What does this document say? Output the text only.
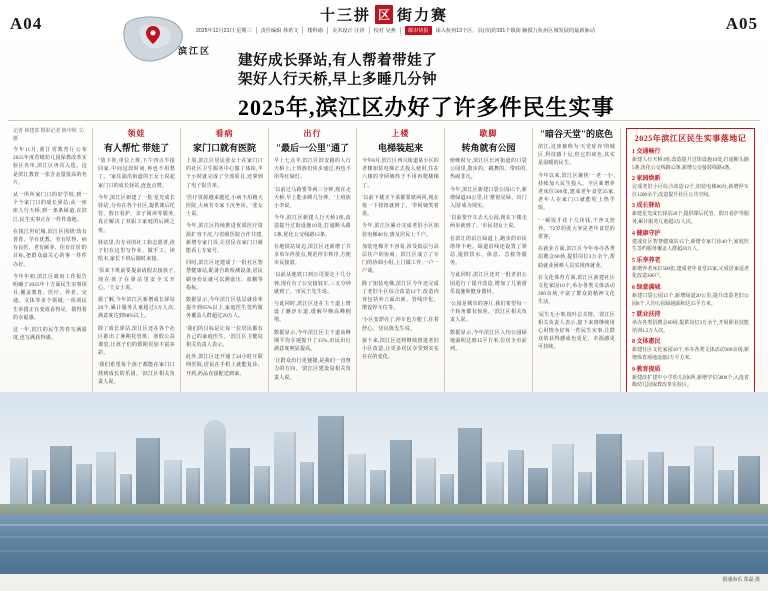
A04	A05
十三拼 区 街力赛
2025年12月31日 星期三	责任编辑 林希文	楼科瑜	美术设计 汪涛	校对 吴燕	都市快报	深入杭州13个区、县(市)的191个镇街 触摸九杭州区城发展的最新脉动
滨江区
建好成长驿站,有人帮着带娃了
架好人行天桥,早上多睡几分钟
2025年,滨江区办好了许多件民生实事
记者 林建雀 摄影记者 陈中秋 文/摄

今年11月,浙江省教育厅公布2025年度省级幼儿园保教改革实验区名单,滨江区再次入选。这是滨江教育一张含金量很高的名片。

从一所所家门口的好学校,到一个个家门口的成长驿站;从一座座人行天桥,到一条条绿道,在滨江,民生实事正在一件件落地。

在钱江世纪城,滨江区围绕'幼有善育、学有优教、劳有厚得、病有良医、老有颐养、住有宜居'的目标,把群众最关心的事一件件办好。

今年年初,滨江区政府工作报告明确了2025年十方面民生实事项目,覆盖教育、医疗、养老、交通、文体等多个领域,一项项民生举措正在变成看得见、摸得着的幸福感。

这一年,滨江的民生答卷写满温度,也写满获得感。

领娃
有人帮忙 带娃了

"放下娃,单位上班,下午四点半接回家,中间这段时间,再也不用愁了。"家住浦沿街道的王女士说起家门口的成长驿站,连连点赞。

今年,滨江区新建了一批'星光成长驿站',分布在各个社区,提供课后托管、假日看护、亲子阅读等服务,真正解决了双职工家庭的后顾之忧。

驿站里,有专业的社工和志愿者,孩子们在这里写作业、做手工、读绘本,家长下班后随时来接。

'原来下班前要提前请假去接孩子,现在孩子在驿站里安全又开心。'王女士说。

据了解,今年滨江区新增成长驿站20个,累计服务儿童超过3万人次,满意度达到98%以上。

除了成长驿站,滨江区还在各个社区推出了暑期托管班、寒假公益课堂,让孩子们的假期更加丰富多彩。

'我们希望每个孩子都能在家门口找到成长的乐园。'滨江区相关负责人说。

看病
家门口就有医院

上周,滨江区居民张女士在家门口的社区卫生服务中心做了体检,半个小时就完成了全部项目,还拿到了电子报告单。

'医疗资源越来越近,小病不用跑大医院,大病有专家下沉坐诊。'张女士说。

今年,滨江区持续推进优质医疗资源扩容下沉,与省级医院合作共建,新增专家门诊,让居民在家门口就能看上专家号。

同时,滨江区还建成了一批社区智慧健康站,配备自助检测设备,居民刷身份证就可以测血压、血糖等指标。

数据显示,今年滨江区基层就诊率提升到65%以上,家庭医生签约服务覆盖人群超过20万人。

'我们的目标是让每一位居民都有自己的家庭医生。'滨江区卫健局相关负责人表示。

此外,滨江区还开通了24小时互联网医院,居民在手机上就能复诊、开药,药品直接配送到家。

出行
"最后一公里"通了

早上七点半,滨江区滨安路的人行天桥上,上班族们快步通过,再也不用等红绿灯。

'以前过马路要等两三分钟,现在走天桥,早上能多睡几分钟。'上班族小李说。

今年,滨江区新建人行天桥3座,改造提升过街设施10处,打通断头路5条,优化公交线路12条。

在地铁站周边,滨江区还新增了共享单车停放点,规范停车秩序,方便市民接驳。

'以前从地铁口到公司要走十几分钟,现在有了公交接驳车,三五分钟就到了。'市民王先生说。

与此同时,滨江区还在主干道上增设了潮汐车道,缓解早晚高峰拥堵。

数据显示,今年滨江区主干道高峰期平均车速提升了15%,市民出行满意度明显提高。

'让群众出行更便捷,是我们一直努力的方向。'滨江区建设局相关负责人说。

上楼
电梯装起来

今年8月,滨江区西兴街道某小区的老楼加装电梯正式投入使用,住在六楼的李阿姨终于不用再爬楼梯了。

'以前下楼买个菜都要歇两回,现在按一下按钮就到了。'李阿姨笑着说。

今年,滨江区累计完成老旧小区加装电梯86台,惠及居民上千户。

加装电梯并不容易,涉及低层与高层住户的协商。滨江区成立了专门的协调小组,上门做工作,一户一户谈。

除了加装电梯,滨江区今年还完成了老旧小区综合改造12个,改造内容包括外立面出新、管线序化、增设停车位等。

'小区变漂亮了,停车也方便了,住着舒心。'居民陈先生说。

接下来,滨江区还将继续推进老旧小区改造,让更多居民享受到实实在在的变化。

歇脚
转角就有公园

傍晚时分,滨江区长河街道的口袋公园里,散步的、跳舞的、带娃的,热闹非凡。

今年,滨江区新建口袋公园15个,新增绿道20公里,让'推窗见绿、出门入园'成为现实。

'以前要开车去大公园,现在下楼走两步就到了。'市民刘女士说。

在滨江的沿江绿道上,跑步的市民络绎不绝。绿道沿线还设置了驿站,提供饮水、休息、急救等服务。

与此同时,滨江区还对一批老旧公园进行了提升改造,增加了儿童游乐设施和健身器材。

'公园是城市的客厅,我们希望每一个转角都有惊喜。'滨江区相关负责人说。

数据显示,今年滨江区人均公园绿地面积达到15平方米,位居全市前列。

"暗谷天堂"的底色

滨江,这座被称为'天堂硅谷'的城区,科技感十足,但它的底色,其实是温暖的民生。

今年以来,滨江区聚焦'一老一小',持续加大民生投入。全区新增养老床位500张,建成老年食堂25家,老年人在家门口就能吃上热乎饭。

'一顿饭才花十几块钱,干净又营养。'72岁的张大爷是老年食堂的常客。

在就业方面,滨江区今年举办各类招聘会60场,提供岗位3万余个,帮助就业困难人员实现再就业。

在文化体育方面,滨江区新建社区文化家园10个,举办各类文体活动300余场,丰富了群众的精神文化生活。

'民生无小事,枝叶总关情。'滨江区相关负责人表示,接下来将继续用心用情办好每一件民生实事,让群众的获得感成色更足、幸福感更可持续。

2025年滨江区民生实事落地记
1 交通畅行
新建人行天桥3座,改造提升过街设施10处,打通断头路5条,优化公交线路12条,新增公交接驳线路4条。
2 家园焕新
完成老旧小区综合改造12个,加装电梯86台,新增停车位1200余个,改造提升社区公共空间。
3 成长驿站
新建星光成长驿站20个,提供课后托管、假日看护等服务,累计服务儿童超3万人次。
4 健康守护
建成社区智慧健康站15个,新增专家门诊40个,家庭医生签约服务覆盖人群超20万人。
5 乐享养老
新增养老床位500张,建成老年食堂25家,完成居家适老化改造300户。
6 绿意满城
新建口袋公园15个,新增绿道20公里,提升改造老旧公园8个,人均公园绿地面积达15平方米。
7 就业扶持
举办各类招聘会60场,提供岗位3万余个,开展职业技能培训1.2万人次。
8 文体惠民
新建社区文化家园10个,举办各类文体活动300余场,新增体育场地设施2万平方米。
9 教育提质
新建改扩建中小学幼儿园6所,新增学位5000个,入选省级幼儿园保教改革实验区。
摄潘海乐 郑磊 摄
